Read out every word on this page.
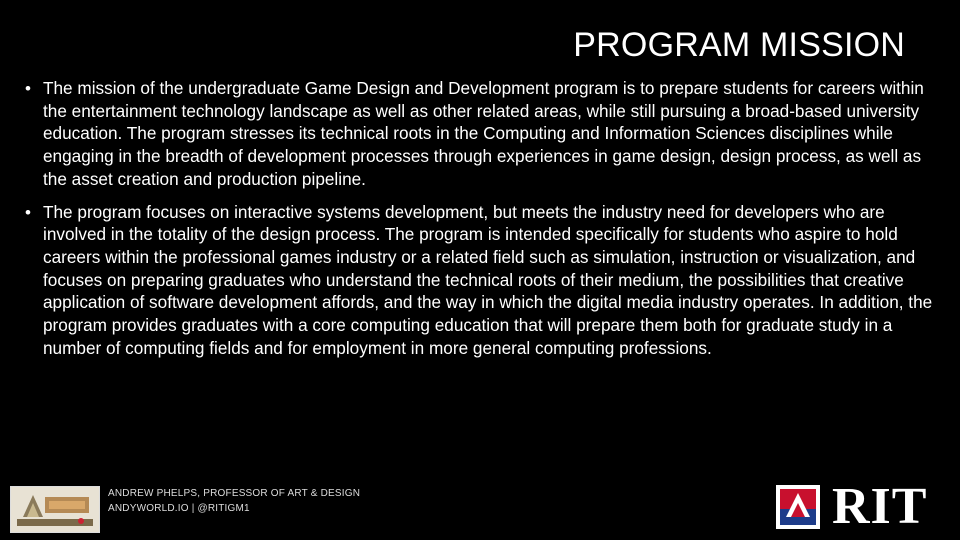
PROGRAM MISSION
• The mission of the undergraduate Game Design and Development program is to prepare students for careers within the entertainment technology landscape as well as other related areas, while still pursuing a broad-based university education. The program stresses its technical roots in the Computing and Information Sciences disciplines while engaging in the breadth of development processes through experiences in game design, design process, as well as the asset creation and production pipeline.
• The program focuses on interactive systems development, but meets the industry need for developers who are involved in the totality of the design process. The program is intended specifically for students who aspire to hold careers within the professional games industry or a related field such as simulation, instruction or visualization, and focuses on preparing graduates who understand the technical roots of their medium, the possibilities that creative application of software development affords, and the way in which the digital media industry operates. In addition, the program provides graduates with a core computing education that will prepare them both for graduate study in a number of computing fields and for employment in more general computing professions.
ANDREW PHELPS, PROFESSOR OF ART & DESIGN
ANDYWORLD.IO | @RITIGM1	RIT
